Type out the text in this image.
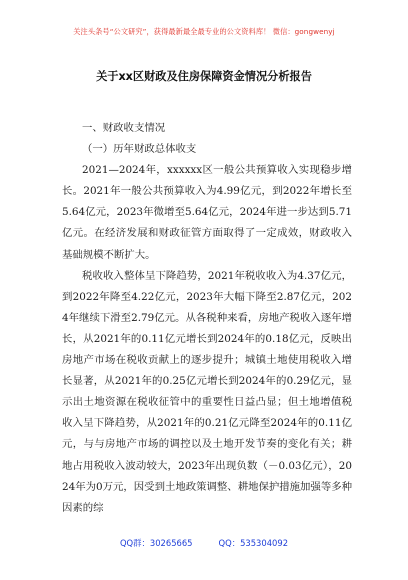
关注头条号“公文研究”，获得最新最全最专业的公文资料库！ 微信：gongwenyj
关于xx区财政及住房保障资金情况分析报告
一、财政收支情况
（一）历年财政总体收支

2021—2024年，xxxxxx区一般公共预算收入实现稳步增长。2021年一般公共预算收入为4.99亿元，到2022年增长至5.64亿元，2023年微增至5.64亿元，2024年进一步达到5.71亿元。在经济发展和财政征管方面取得了一定成效，财政收入基础规模不断扩大。

税收收入整体呈下降趋势，2021年税收收入为4.37亿元，到2022年降至4.22亿元，2023年大幅下降至2.87亿元，2024年继续下滑至2.79亿元。从各税种来看，房地产税收入逐年增长，从2021年的0.11亿元增长到2024年的0.18亿元，反映出房地产市场在税收贡献上的逐步提升；城镇土地使用税收入增长显著，从2021年的0.25亿元增长到2024年的0.29亿元，显示出土地资源在税收征管中的重要性日益凸显；但土地增值税收入呈下降趋势，从2021年的0.21亿元降至2024年的0.11亿元，与与房地产市场的调控以及土地开发节奏的变化有关；耕地占用税收入波动较大，2023年出现负数（－0.03亿元），2024年为0万元，因受到土地政策调整、耕地保护措施加强等多种因素的综

QQ群：30265665	QQ：535304092
